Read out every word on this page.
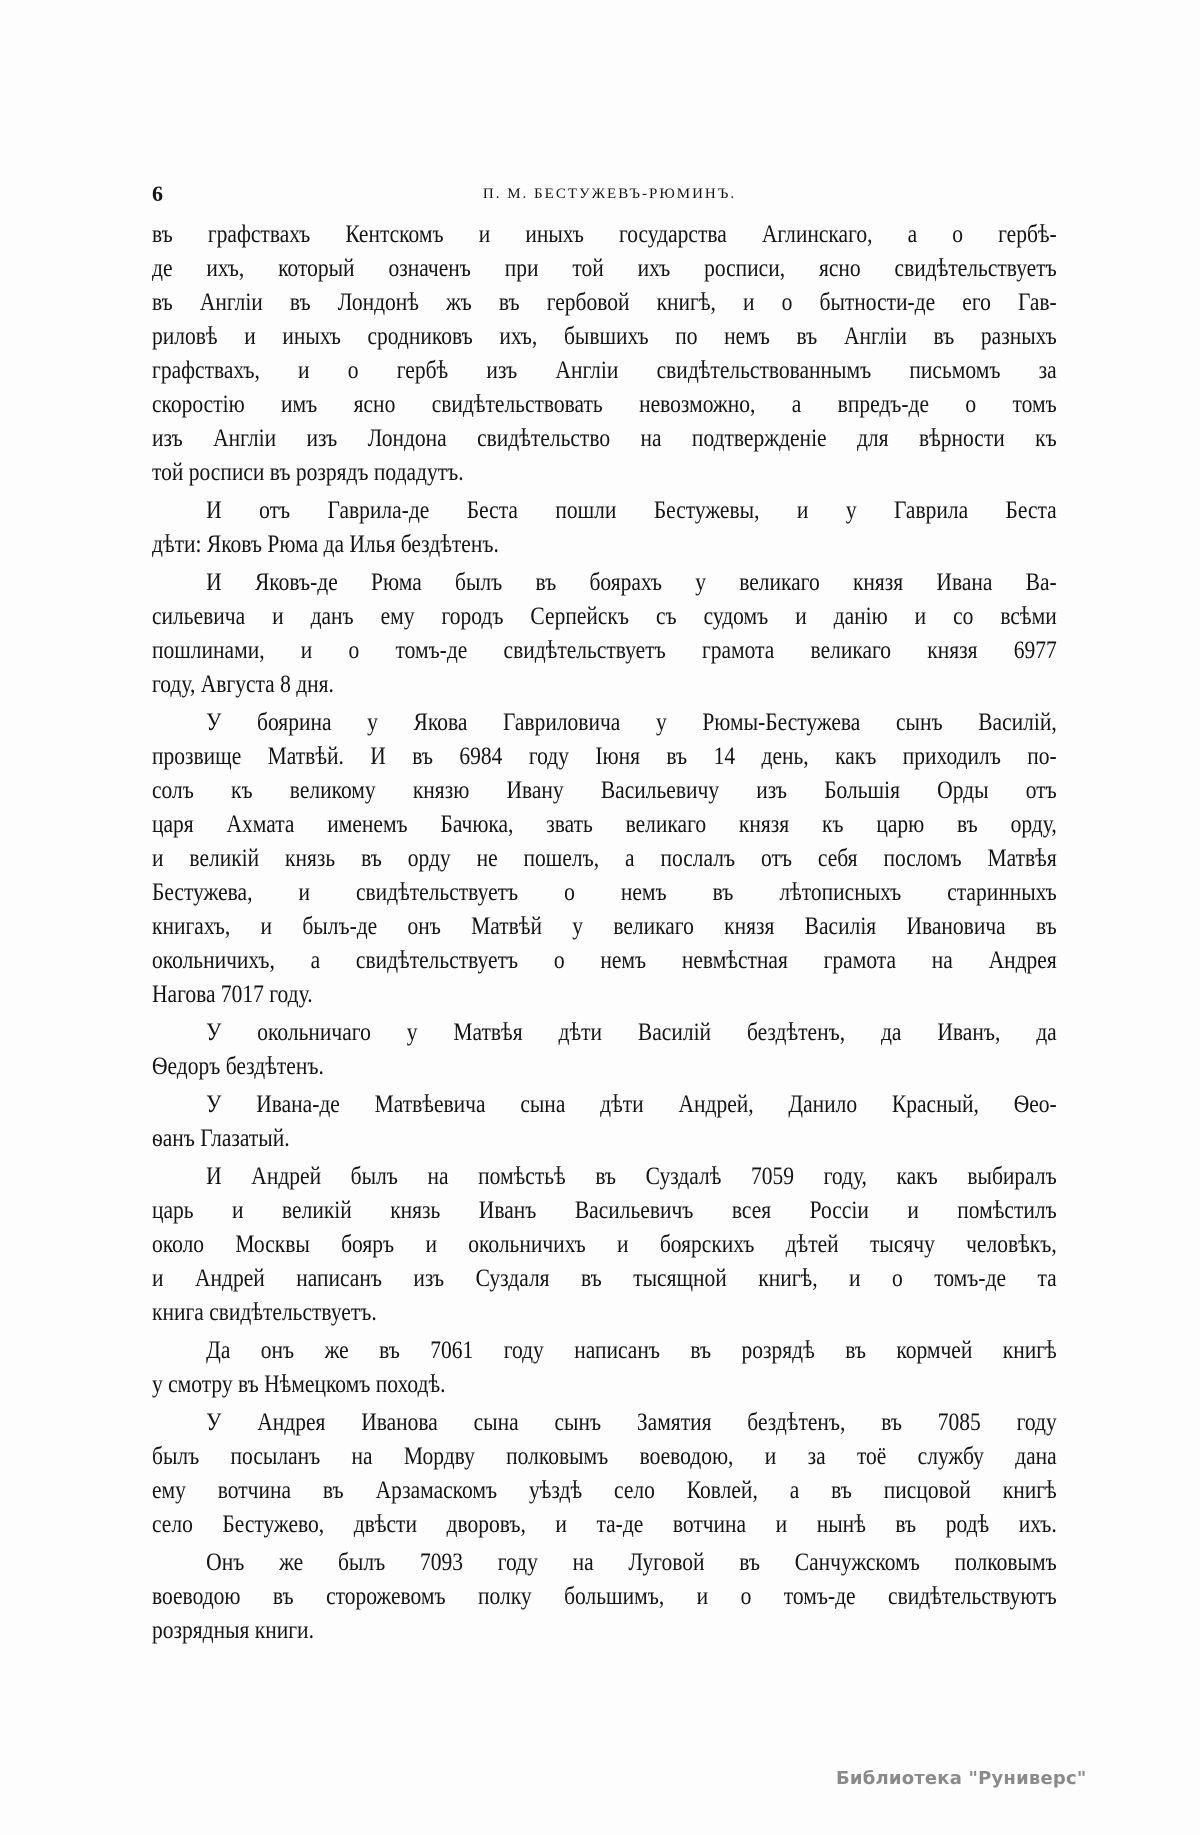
6	П. М. БЕСТУЖЕВЪ-РЮМИНЪ.
въ графствахъ Кентскомъ и иныхъ государства Аглинскаго, а о гербѣ-
де ихъ, который означенъ при той ихъ росписи, ясно свидѣтельствуетъ
въ Англіи въ Лондонѣ жъ въ гербовой книгѣ, и о бытности-де его Гав-
риловѣ и иныхъ сродниковъ ихъ, бывшихъ по немъ въ Англіи въ разныхъ
графствахъ, и о гербѣ изъ Англіи свидѣтельствованнымъ письмомъ за
скоростію имъ ясно свидѣтельствовать невозможно, а впредъ-де о томъ
изъ Англіи изъ Лондона свидѣтельство на подтвержденіе для вѣрности къ
той росписи въ розрядъ подадутъ.
И отъ Гаврила-де Беста пошли Бестужевы, и у Гаврила Беста
дѣти: Яковъ Рюма да Илья бездѣтенъ.
И Яковъ-де Рюма былъ въ боярахъ у великаго князя Ивана Ва-
сильевича и данъ ему городъ Серпейскъ съ судомъ и данію и со всѣми
пошлинами, и о томъ-де свидѣтельствуетъ грамота великаго князя 6977
году, Августа 8 дня.
У боярина у Якова Гавриловича у Рюмы-Бестужева сынъ Василій,
прозвище Матвѣй. И въ 6984 году Іюня въ 14 день, какъ приходилъ по-
солъ къ великому князю Ивану Васильевичу изъ Большія Орды отъ
царя Ахмата именемъ Бачюка, звать великаго князя къ царю въ орду,
и великій князь въ орду не пошелъ, а послалъ отъ себя посломъ Матвѣя
Бестужева, и свидѣтельствуетъ о немъ въ лѣтописныхъ старинныхъ
книгахъ, и былъ-де онъ Матвѣй у великаго князя Василія Ивановича въ
окольничихъ, а свидѣтельствуетъ о немъ невмѣстная грамота на Андрея
Нагова 7017 году.
У окольничаго у Матвѣя дѣти Василій бездѣтенъ, да Иванъ, да
Ѳедоръ бездѣтенъ.
У Ивана-де Матвѣевича сына дѣти Андрей, Данило Красный, Ѳео-
ѳанъ Глазатый.
И Андрей былъ на помѣстьѣ въ Суздалѣ 7059 году, какъ выбиралъ
царь и великій князь Иванъ Васильевичъ всея Россіи и помѣстилъ
около Москвы бояръ и окольничихъ и боярскихъ дѣтей тысячу человѣкъ,
и Андрей написанъ изъ Суздаля въ тысящной книгѣ, и о томъ-де та
книга свидѣтельствуетъ.
Да онъ же въ 7061 году написанъ въ розрядѣ въ кормчей книгѣ
у смотру въ Нѣмецкомъ походѣ.
У Андрея Иванова сына сынъ Замятия бездѣтенъ, въ 7085 году
былъ посыланъ на Мордву полковымъ воеводою, и за тоё службу дана
ему вотчина въ Арзамаскомъ уѣздѣ село Ковлей, а въ писцовой книгѣ
село Бестужево, двѣсти дворовъ, и та-де вотчина и нынѣ въ родѣ ихъ.
Онъ же былъ 7093 году на Луговой въ Санчужскомъ полковымъ
воеводою въ сторожевомъ полку большимъ, и о томъ-де свидѣтельствуютъ
розрядныя книги.
Библиотека "Руниверс"
